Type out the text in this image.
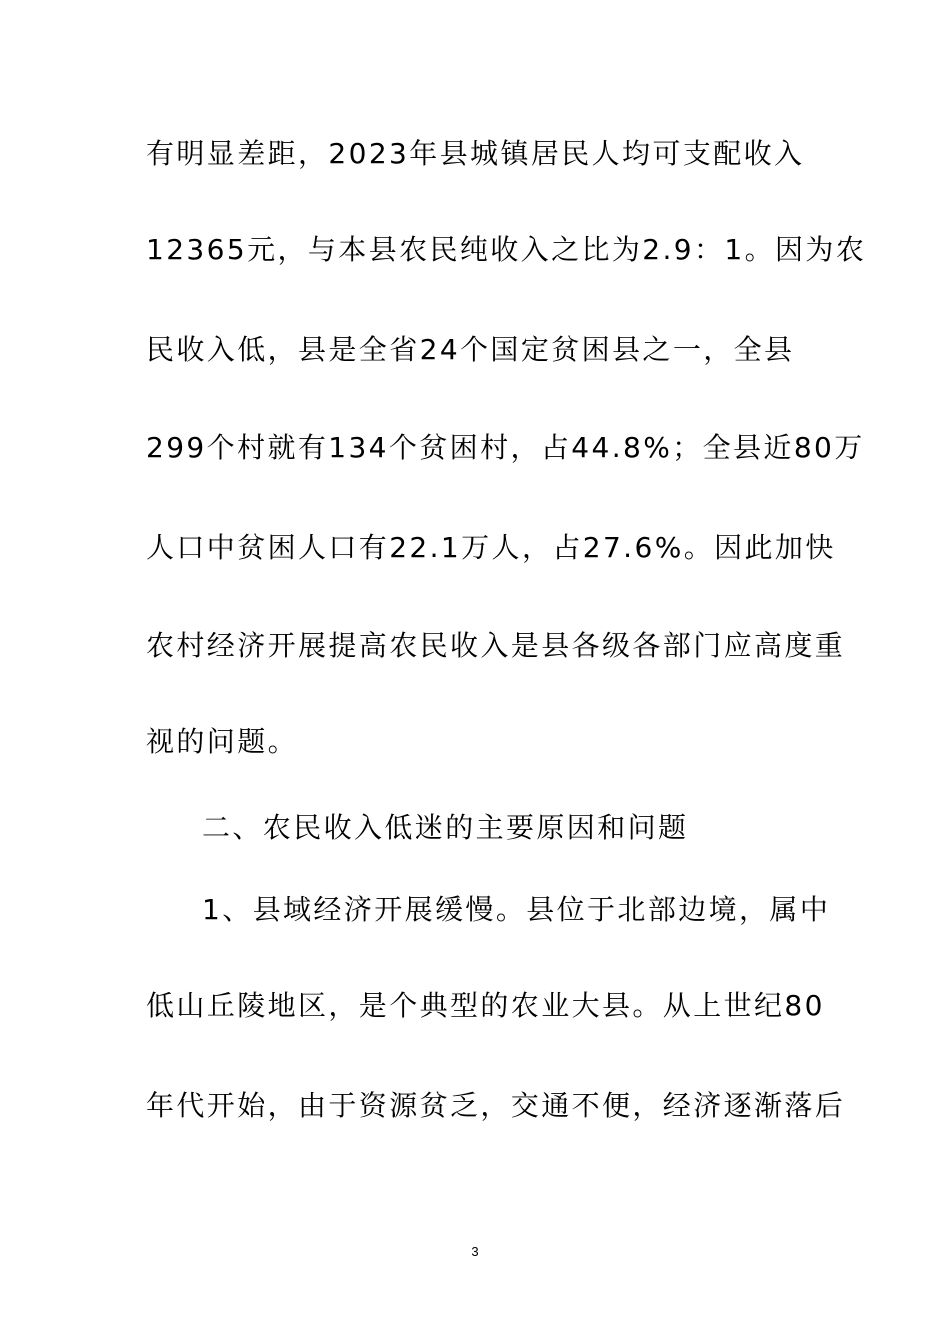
有明显差距，2023年县城镇居民人均可支配收入
12365元，与本县农民纯收入之比为2.9：1。因为农
民收入低，县是全省24个国定贫困县之一，全县
299个村就有134个贫困村，占44.8%；全县近80万
人口中贫困人口有22.1万人，占27.6%。因此加快
农村经济开展提高农民收入是县各级各部门应高度重
视的问题。
二、农民收入低迷的主要原因和问题
1、县域经济开展缓慢。县位于北部边境，属中
低山丘陵地区，是个典型的农业大县。从上世纪80
年代开始，由于资源贫乏，交通不便，经济逐渐落后
3
